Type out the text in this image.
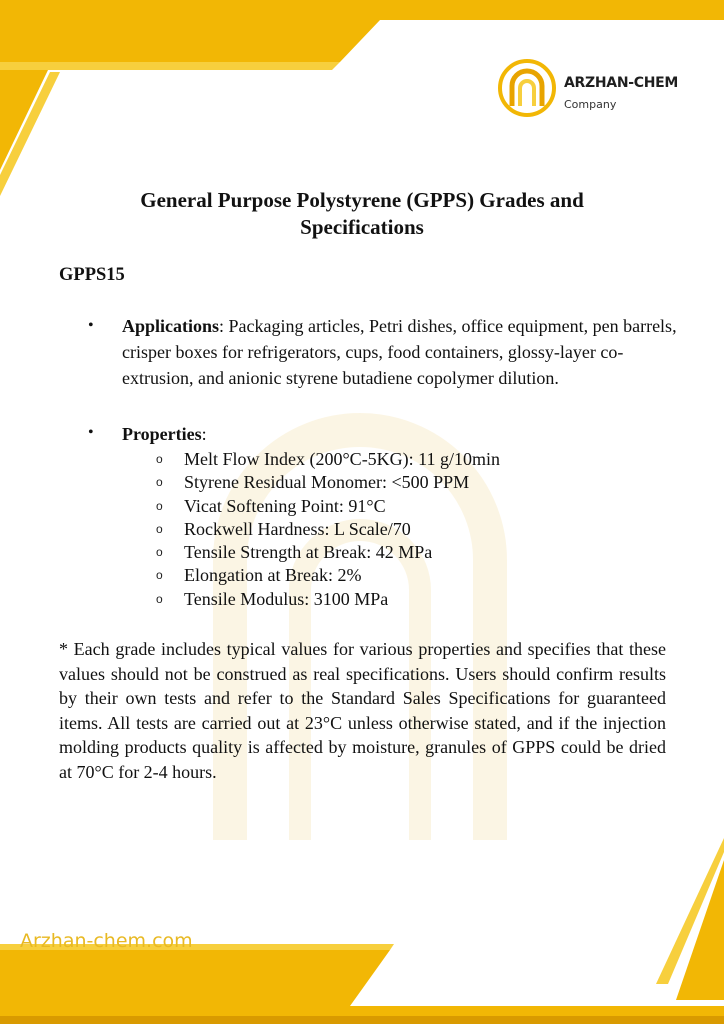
ARZHAN-CHEM
Company
General Purpose Polystyrene (GPPS) Grades and Specifications
GPPS15
• Applications: Packaging articles, Petri dishes, office equipment, pen barrels, crisper boxes for refrigerators, cups, food containers, glossy-layer co-extrusion, and anionic styrene butadiene copolymer dilution.
• Properties:
o Melt Flow Index (200°C-5KG): 11 g/10min
o Styrene Residual Monomer: <500 PPM
o Vicat Softening Point: 91°C
o Rockwell Hardness: L Scale/70
o Tensile Strength at Break: 42 MPa
o Elongation at Break: 2%
o Tensile Modulus: 3100 MPa
* Each grade includes typical values for various properties and specifies that these values should not be construed as real specifications. Users should confirm results by their own tests and refer to the Standard Sales Specifications for guaranteed items. All tests are carried out at 23°C unless otherwise stated, and if the injection molding products quality is affected by moisture, granules of GPPS could be dried at 70°C for 2-4 hours.
Arzhan-chem.com
